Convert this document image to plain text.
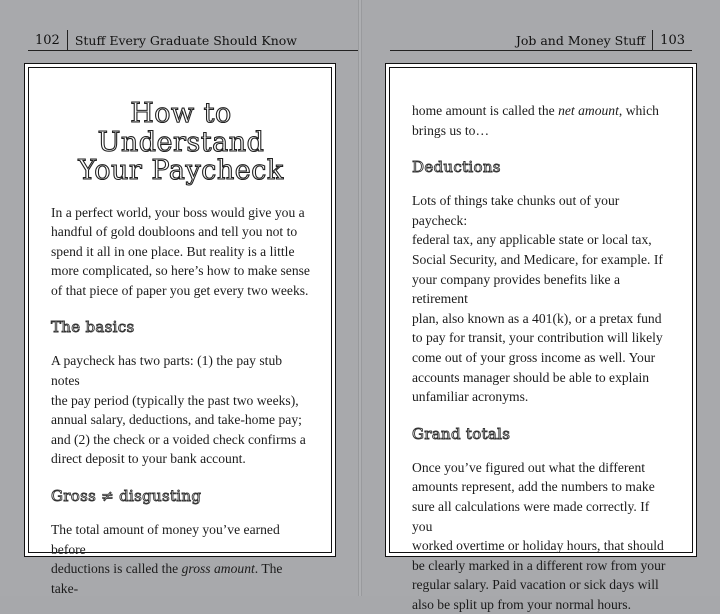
102	Stuff Every Graduate Should Know
How to
Understand
Your Paycheck

In a perfect world, your boss would give you a
handful of gold doubloons and tell you not to
spend it all in one place. But reality is a little
more complicated, so here’s how to make sense
of that piece of paper you get every two weeks.

The basics

A paycheck has two parts: (1) the pay stub notes
the pay period (typically the past two weeks),
annual salary, deductions, and take-home pay;
and (2) the check or a voided check confirms a
direct deposit to your bank account.

Gross ≠ disgusting

The total amount of money you’ve earned before
deductions is called the gross amount. The take-

Job and Money Stuff	103

home amount is called the net amount, which
brings us to…

Deductions

Lots of things take chunks out of your paycheck:
federal tax, any applicable state or local tax,
Social Security, and Medicare, for example. If
your company provides benefits like a retirement
plan, also known as a 401(k), or a pretax fund
to pay for transit, your contribution will likely
come out of your gross income as well. Your
accounts manager should be able to explain
unfamiliar acronyms.

Grand totals

Once you’ve figured out what the different
amounts represent, add the numbers to make
sure all calculations were made correctly. If you
worked overtime or holiday hours, that should
be clearly marked in a different row from your
regular salary. Paid vacation or sick days will
also be split up from your normal hours.
